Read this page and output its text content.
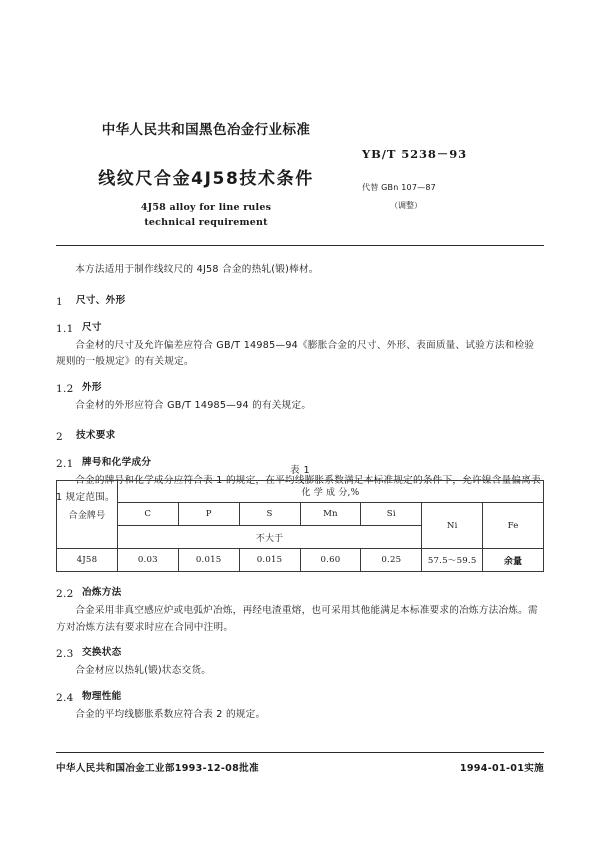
中华人民共和国黑色冶金行业标准
线纹尺合金4J58技术条件
4J58 alloy for line rules
technical requirement
YB/T 5238－93
代替 GBn 107—87
（调整）

本方法适用于制作线纹尺的 4J58 合金的热轧(锻)棒材。

1	尺寸、外形
1.1 尺寸

合金材的尺寸及允许偏差应符合 GB/T 14985—94《膨胀合金的尺寸、外形、表面质量、试验方法和检验规则的一般规定》的有关规定。

1.2 外形

合金材的外形应符合 GB/T 14985—94 的有关规定。

2	技术要求
2.1 牌号和化学成分

合金的牌号和化学成分应符合表 1 的规定，在平均线膨胀系数满足本标准规定的条件下，允许镍含量偏离表 1 规定范围。

表 1
合金牌号	化 学 成 分,%						
	C	P	S	Mn	Si	Ni	Fe
	不大于						
4J58	0.03	0.015	0.015	0.60	0.25	57.5～59.5	余量
2.2 冶炼方法

合金采用非真空感应炉或电弧炉冶炼，再经电渣重熔，也可采用其他能满足本标准要求的冶炼方法冶炼。需方对冶炼方法有要求时应在合同中注明。

2.3 交换状态

合金材应以热轧(锻)状态交货。

2.4 物理性能

合金的平均线膨胀系数应符合表 2 的规定。

中华人民共和国冶金工业部1993-12-08批准	1994-01-01实施
